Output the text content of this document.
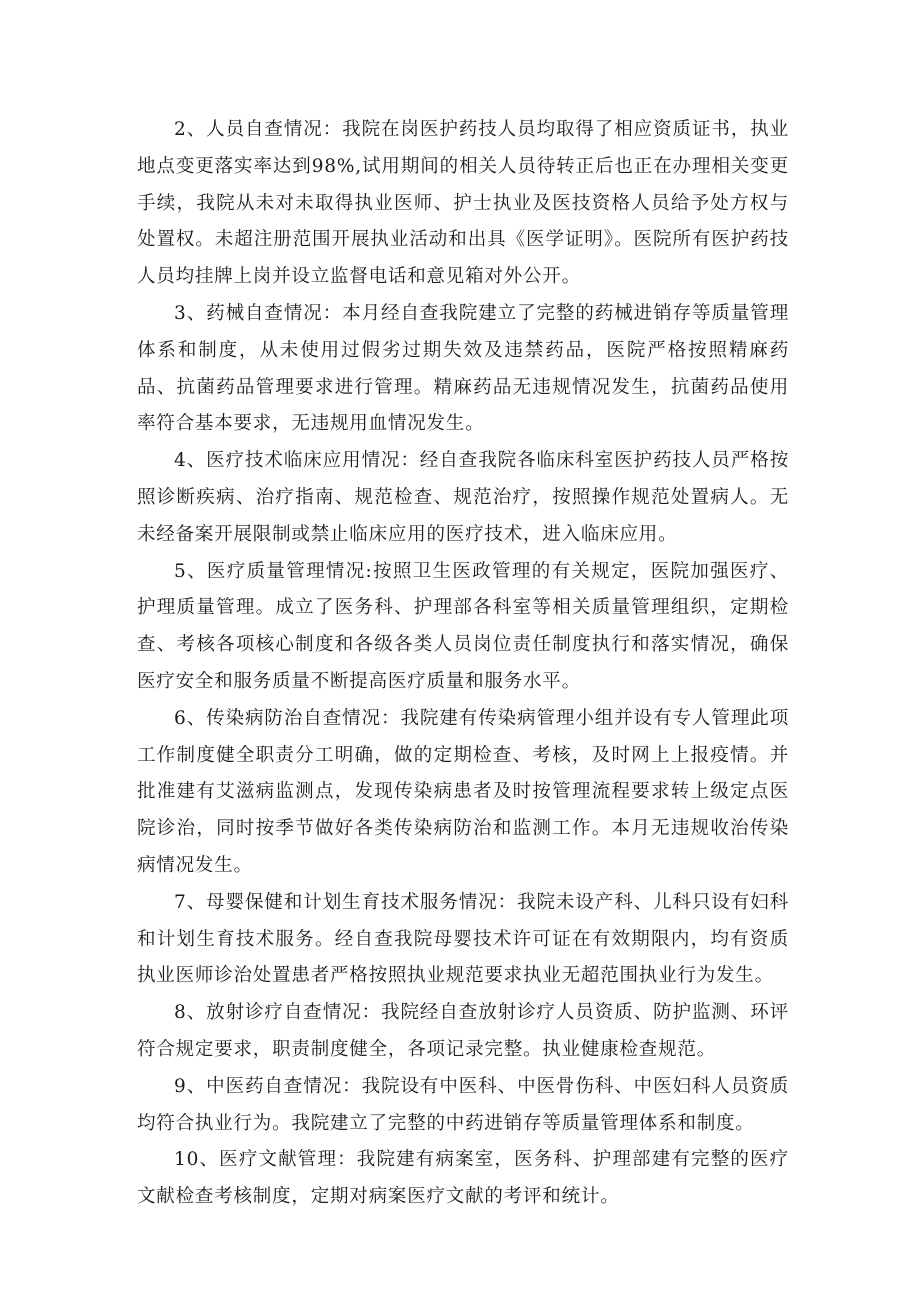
2、人员自查情况：我院在岗医护药技人员均取得了相应资质证书，执业地点变更落实率达到98%,试用期间的相关人员待转正后也正在办理相关变更手续，我院从未对未取得执业医师、护士执业及医技资格人员给予处方权与处置权。未超注册范围开展执业活动和出具《医学证明》。医院所有医护药技人员均挂牌上岗并设立监督电话和意见箱对外公开。

3、药械自查情况：本月经自查我院建立了完整的药械进销存等质量管理体系和制度，从未使用过假劣过期失效及违禁药品，医院严格按照精麻药品、抗菌药品管理要求进行管理。精麻药品无违规情况发生，抗菌药品使用率符合基本要求，无违规用血情况发生。

4、医疗技术临床应用情况：经自查我院各临床科室医护药技人员严格按照诊断疾病、治疗指南、规范检查、规范治疗，按照操作规范处置病人。无未经备案开展限制或禁止临床应用的医疗技术，进入临床应用。

5、医疗质量管理情况:按照卫生医政管理的有关规定，医院加强医疗、护理质量管理。成立了医务科、护理部各科室等相关质量管理组织，定期检查、考核各项核心制度和各级各类人员岗位责任制度执行和落实情况，确保医疗安全和服务质量不断提高医疗质量和服务水平。

6、传染病防治自查情况：我院建有传染病管理小组并设有专人管理此项工作制度健全职责分工明确，做的定期检查、考核，及时网上上报疫情。并批准建有艾滋病监测点，发现传染病患者及时按管理流程要求转上级定点医院诊治，同时按季节做好各类传染病防治和监测工作。本月无违规收治传染病情况发生。

7、母婴保健和计划生育技术服务情况：我院未设产科、儿科只设有妇科和计划生育技术服务。经自查我院母婴技术许可证在有效期限内，均有资质执业医师诊治处置患者严格按照执业规范要求执业无超范围执业行为发生。

8、放射诊疗自查情况：我院经自查放射诊疗人员资质、防护监测、环评符合规定要求，职责制度健全，各项记录完整。执业健康检查规范。

9、中医药自查情况：我院设有中医科、中医骨伤科、中医妇科人员资质均符合执业行为。我院建立了完整的中药进销存等质量管理体系和制度。

10、医疗文献管理：我院建有病案室，医务科、护理部建有完整的医疗文献检查考核制度，定期对病案医疗文献的考评和统计。
